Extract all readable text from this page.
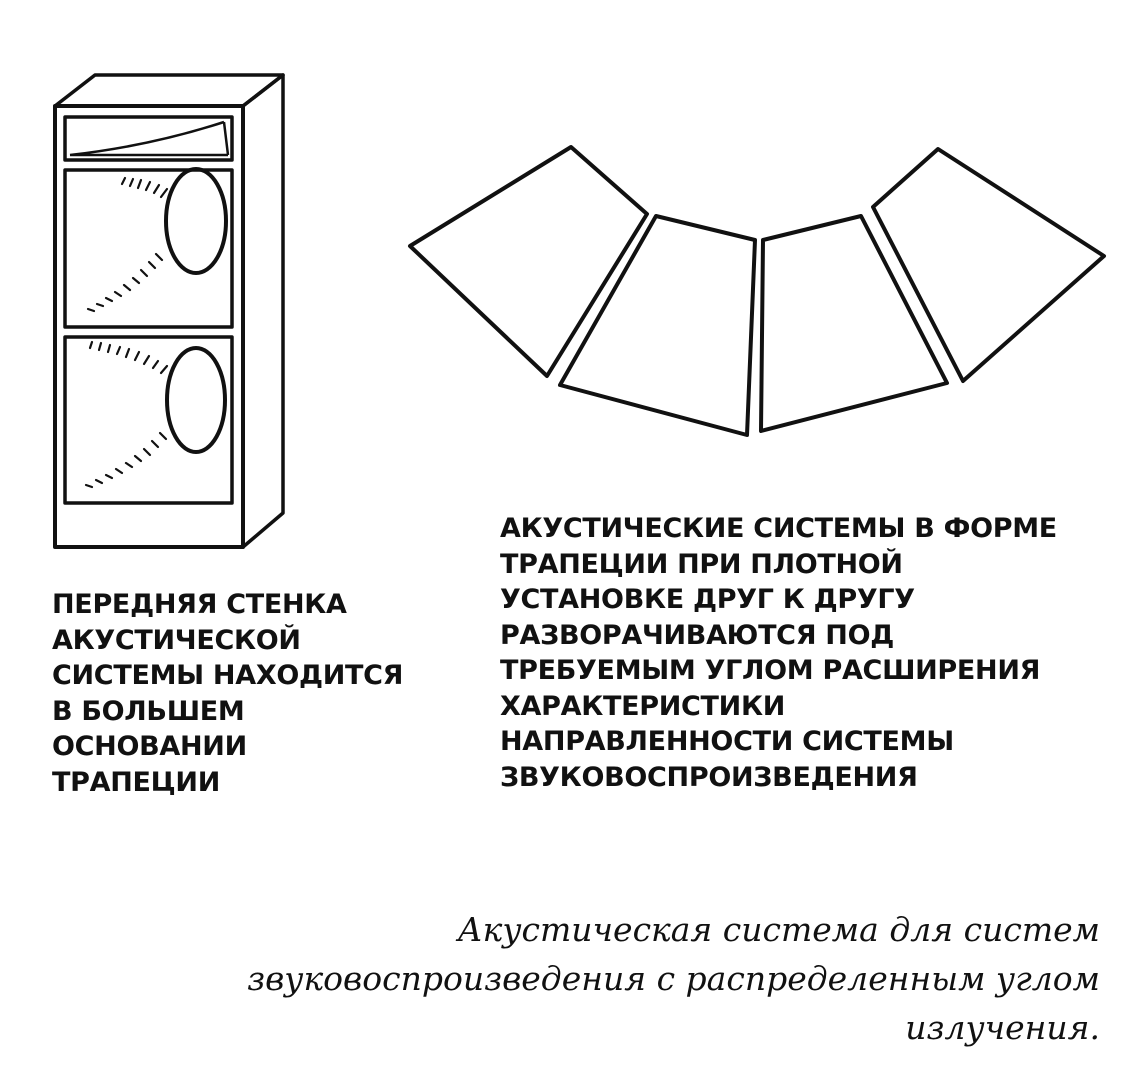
ПЕРЕДНЯЯ СТЕНКА
АКУСТИЧЕСКОЙ
СИСТЕМЫ НАХОДИТСЯ
В БОЛЬШЕМ
ОСНОВАНИИ
ТРАПЕЦИИ
АКУСТИЧЕСКИЕ СИСТЕМЫ В ФОРМЕ
ТРАПЕЦИИ ПРИ ПЛОТНОЙ
УСТАНОВКЕ ДРУГ К ДРУГУ
РАЗВОРАЧИВАЮТСЯ ПОД
ТРЕБУЕМЫМ УГЛОМ РАСШИРЕНИЯ
ХАРАКТЕРИСТИКИ
НАПРАВЛЕННОСТИ СИСТЕМЫ
ЗВУКОВОСПРОИЗВЕДЕНИЯ
Акустическая система для систем
звуковоспроизведения с распределенным углом
излучения.
